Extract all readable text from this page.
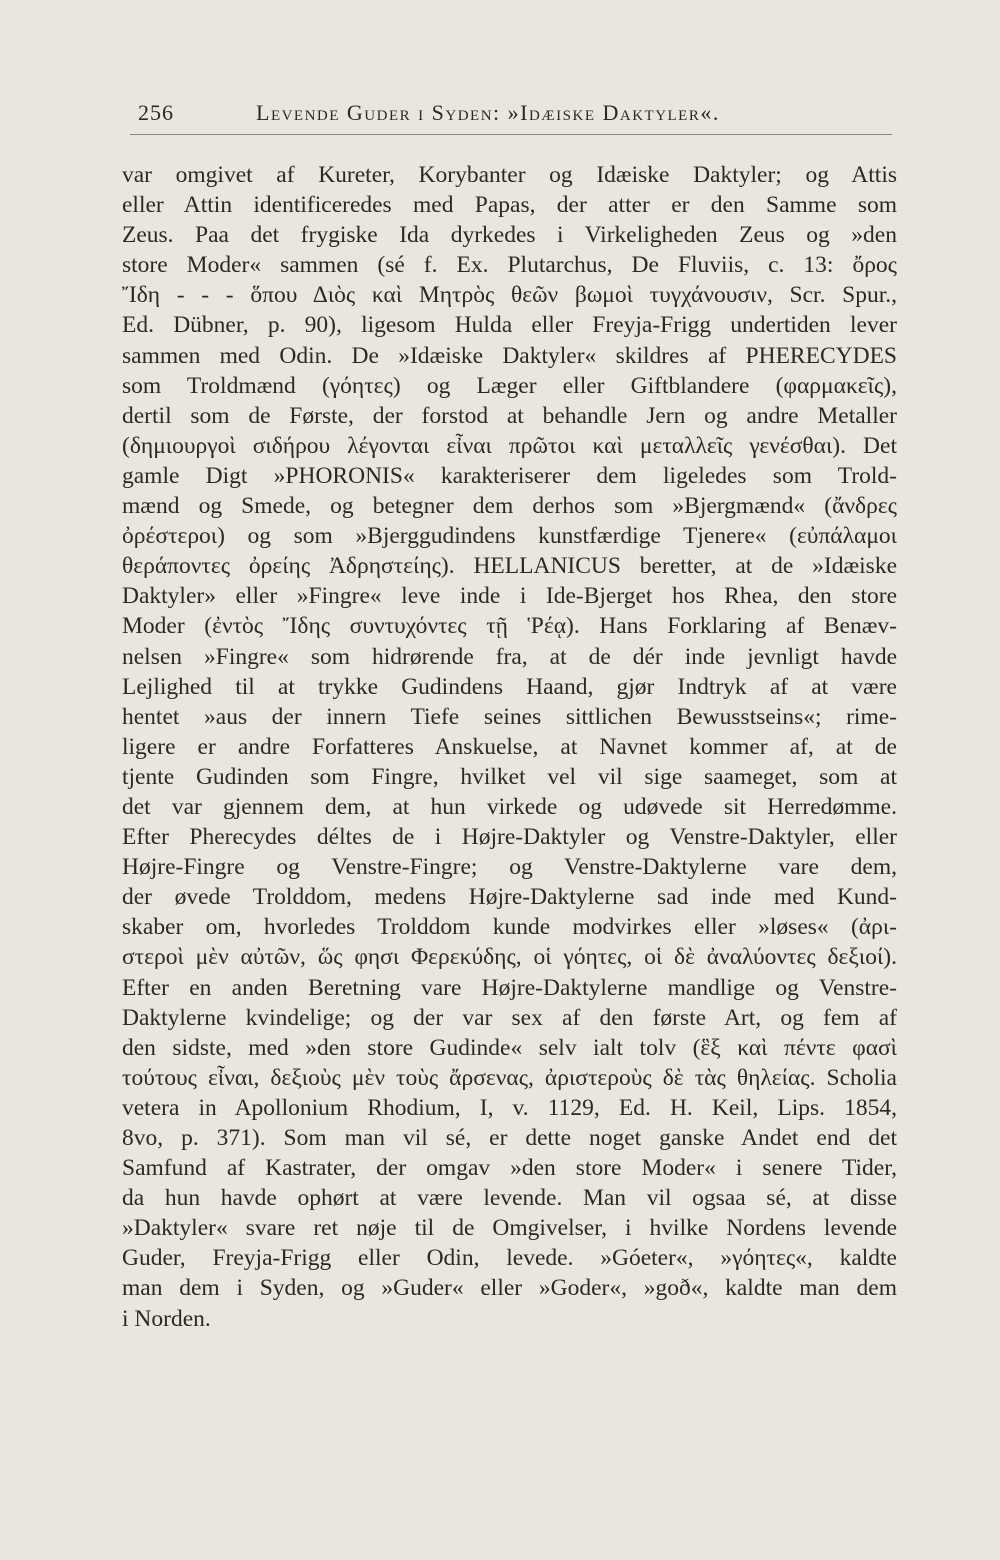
256	Levende Guder i Syden: »Idæiske Daktyler«.
var omgivet af Kureter, Korybanter og Idæiske Daktyler; og Attis
eller Attin identificeredes med Papas, der atter er den Samme som
Zeus. Paa det frygiske Ida dyrkedes i Virkeligheden Zeus og »den
store Moder« sammen (sé f. Ex. Plutarchus, De Fluviis, c. 13: ὄρος
Ἴδη - - - ὅπου Διὸς καὶ Μητρὸς θεῶν βωμοὶ τυγχάνουσιν, Scr. Spur.,
Ed. Dübner, p. 90), ligesom Hulda eller Freyja-Frigg undertiden lever
sammen med Odin. De »Idæiske Daktyler« skildres af PHERECYDES
som Troldmænd (γόητες) og Læger eller Giftblandere (φαρμακεῖς),
dertil som de Første, der forstod at behandle Jern og andre Metaller
(δημιουργοὶ σιδήρου λέγονται εἶναι πρῶτοι καὶ μεταλλεῖς γενέσθαι). Det
gamle Digt »PHORONIS« karakteriserer dem ligeledes som Trold-
mænd og Smede, og betegner dem derhos som »Bjergmænd« (ἄνδρες
ὀρέστεροι) og som »Bjerggudindens kunstfærdige Tjenere« (εὐπάλαμοι
θεράποντες ὀρείης Ἀδρηστείης). HELLANICUS beretter, at de »Idæiske
Daktyler» eller »Fingre« leve inde i Ide-Bjerget hos Rhea, den store
Moder (ἐντὸς Ἴδης συντυχόντες τῇ Ῥέᾳ). Hans Forklaring af Benæv-
nelsen »Fingre« som hidrørende fra, at de dér inde jevnligt havde
Lejlighed til at trykke Gudindens Haand, gjør Indtryk af at være
hentet »aus der innern Tiefe seines sittlichen Bewusstseins«; rime-
ligere er andre Forfatteres Anskuelse, at Navnet kommer af, at de
tjente Gudinden som Fingre, hvilket vel vil sige saameget, som at
det var gjennem dem, at hun virkede og udøvede sit Herredømme.
Efter Pherecydes déltes de i Højre-Daktyler og Venstre-Daktyler, eller
Højre-Fingre og Venstre-Fingre; og Venstre-Daktylerne vare dem,
der øvede Trolddom, medens Højre-Daktylerne sad inde med Kund-
skaber om, hvorledes Trolddom kunde modvirkes eller »løses« (ἀρι-
στεροὶ μὲν αὐτῶν, ὥς φησι Φερεκύδης, οἱ γόητες, οἱ δὲ ἀναλύοντες δεξιοί).
Efter en anden Beretning vare Højre-Daktylerne mandlige og Venstre-
Daktylerne kvindelige; og der var sex af den første Art, og fem af
den sidste, med »den store Gudinde« selv ialt tolv (ἓξ καὶ πέντε φασὶ
τούτους εἶναι, δεξιοὺς μὲν τοὺς ἄρσενας, ἀριστεροὺς δὲ τὰς θηλείας. Scholia
vetera in Apollonium Rhodium, I, v. 1129, Ed. H. Keil, Lips. 1854,
8vo, p. 371). Som man vil sé, er dette noget ganske Andet end det
Samfund af Kastrater, der omgav »den store Moder« i senere Tider,
da hun havde ophørt at være levende. Man vil ogsaa sé, at disse
»Daktyler« svare ret nøje til de Omgivelser, i hvilke Nordens levende
Guder, Freyja-Frigg eller Odin, levede. »Góeter«, »γόητες«, kaldte
man dem i Syden, og »Guder« eller »Goder«, »goð«, kaldte man dem
i Norden.
